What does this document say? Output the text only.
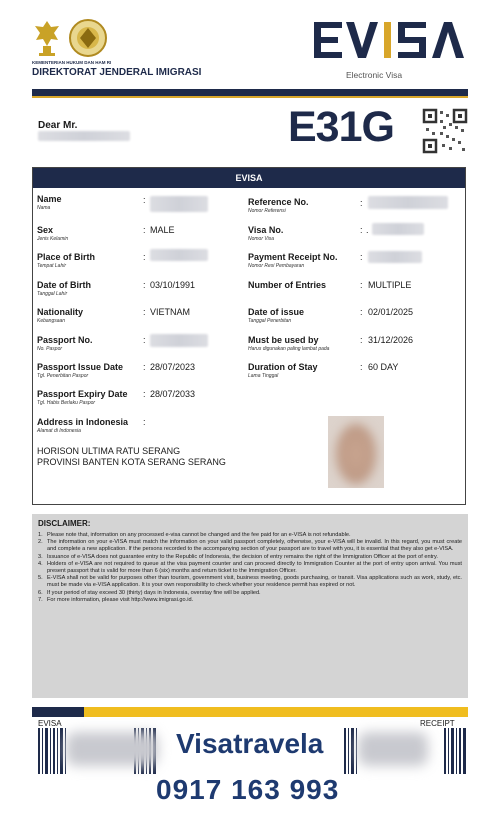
KEMENTERIAN HUKUM DAN HAM RI
DIREKTORAT JENDERAL IMIGRASI	Electronic Visa
Dear Mr.	E31G
EVISA
Name
Nama
:
Sex
Jenis Kelamin
: MALE
Place of Birth
Tempat Lahir
:
Date of Birth
Tanggal Lahir
: 03/10/1991
Nationality
Kebangsaan
: VIETNAM
Passport No.
No. Paspor
:
Passport Issue Date
Tgl. Penerbitan Paspor
: 28/07/2023
Passport Expiry Date
Tgl. Habis Berlaku Paspor
: 28/07/2033
Address in Indonesia
Alamat di Indonesia
:
HORISON ULTIMA RATU SERANG
PROVINSI BANTEN KOTA SERANG SERANG
Reference No.
Nomor Referensi
:
Visa No.
Nomor Visa
: .
Payment Receipt No.
Nomor Resi Pembayaran
:
Number of Entries	: MULTIPLE
Date of issue
Tanggal Penerbitan
: 02/01/2025
Must be used by
Harus digunakan paling lambat pada
: 31/12/2026
Duration of Stay
Lama Tinggal
: 60 DAY
DISCLAIMER:
1. Please note that, information on any processed e-visa cannot be changed and the fee paid for an e-VISA is not refundable.
2. The information on your e-VISA must match the information on your valid passport completely, otherwise, your e-VISA will be invalid. In this regard, you must create and complete a new application. If the persons recorded to the accompanying section of your passport are to travel with you, it is essential that they also get e-VISA.
3. Issuance of e-VISA does not guarantee entry to the Republic of Indonesia, the decision of entry remains the right of the Immigration Officer at the port of entry.
4. Holders of e-VISA are not required to queue at the visa payment counter and can proceed directly to Immigration Counter at the port of entry upon arrival. You must present passport that is valid for more than 6 (six) months and return ticket to the Immigration Officer.
5. E-VISA shall not be valid for purposes other than tourism, government visit, business meeting, goods purchasing, or transit. Visa applications such as work, study, etc. must be made via e-VISA application. It is your own responsibility to check whether your residence permit has expired or not.
6. If your period of stay exceed 30 (thirty) days in Indonesia, overstay fine will be applied.
7. For more information, please visit http://www.imigrasi.go.id.
EVISA	RECEIPT
Visatravela
0917 163 993
